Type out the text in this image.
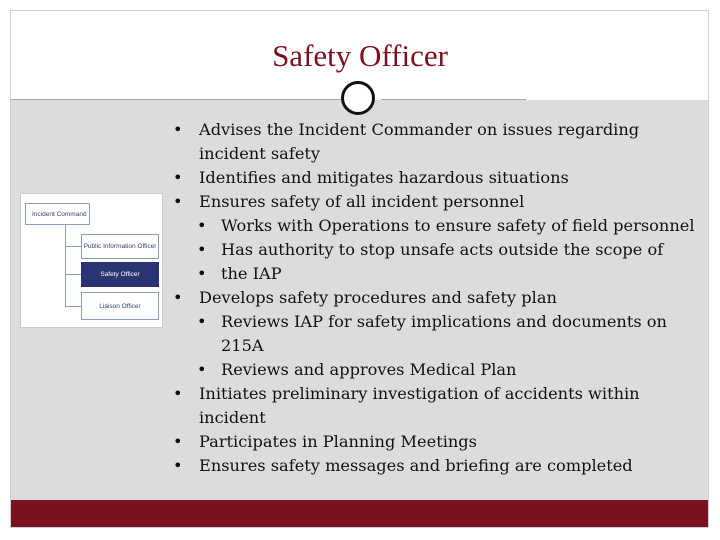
Safety Officer
Incident Command
Public Information Officer
Safety Officer
Liaison Officer
• Advises the Incident Commander on issues regarding incident safety
• Identifies and mitigates hazardous situations
• Ensures safety of all incident personnel
• Works with Operations to ensure safety of field personnel
• Has authority to stop unsafe acts outside the scope of
• the IAP
• Develops safety procedures and safety plan
• Reviews IAP for safety implications and documents on 215A
• Reviews and approves Medical Plan
• Initiates preliminary investigation of accidents within incident
• Participates in Planning Meetings
• Ensures safety messages and briefing are completed
